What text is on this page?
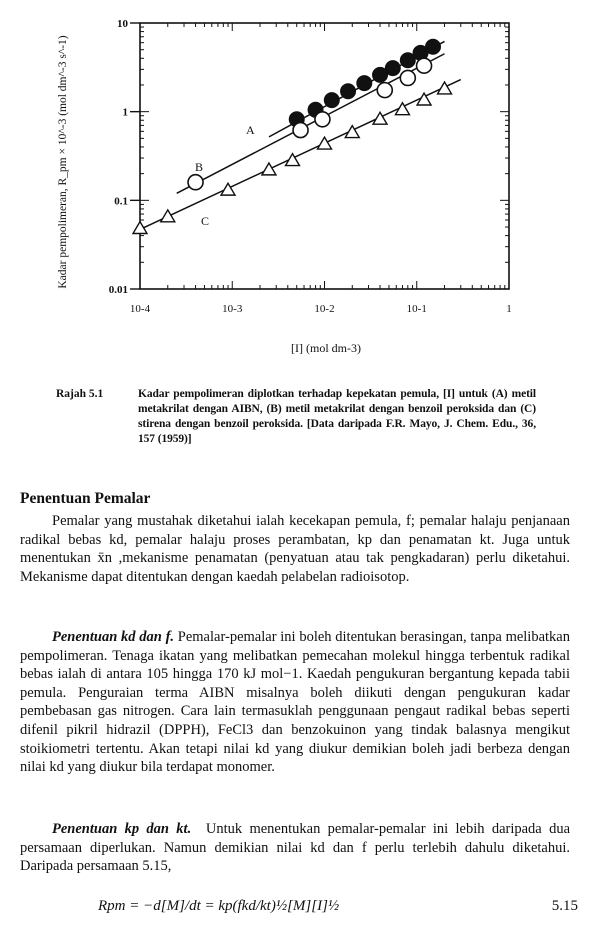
10-4	10-3	10-2	10-1	1
0.01
0.1
1
10
A
B
C
[I] (mol dm-3)
Kadar pempolimeran, R_pm × 10^-3 (mol dm^-3 s^-1)
Rajah 5.1	Kadar pempolimeran diplotkan terhadap kepekatan pemula, [I] untuk (A) metil metakrilat dengan AIBN, (B) metil metakrilat dengan benzoil peroksida dan (C) stirena dengan benzoil peroksida. [Data daripada F.R. Mayo, J. Chem. Edu., 36, 157 (1959)]
Penentuan Pemalar
Pemalar yang mustahak diketahui ialah kecekapan pemula, f; pemalar halaju penjanaan radikal bebas kd, pemalar halaju proses perambatan, kp dan penamatan kt. Juga untuk menentukan x̄n ,mekanisme penamatan (penyatuan atau tak pengkadaran) perlu diketahui. Mekanisme dapat ditentukan dengan kaedah pelabelan radioisotop.
Penentuan kd dan f. Pemalar-pemalar ini boleh ditentukan berasingan, tanpa melibatkan pempolimeran. Tenaga ikatan yang melibatkan pemecahan molekul hingga terbentuk radikal bebas ialah di antara 105 hingga 170 kJ mol−1. Kaedah pengukuran bergantung kepada tabii pemula. Penguraian terma AIBN misalnya boleh diikuti dengan pengukuran kadar pembebasan gas nitrogen. Cara lain termasuklah penggunaan pengaut radikal bebas seperti difenil pikril hidrazil (DPPH), FeCl3 dan benzokuinon yang tindak balasnya mengikut stoikiometri tertentu. Akan tetapi nilai kd yang diukur demikian boleh jadi berbeza dengan nilai kd yang diukur bila terdapat monomer.
Penentuan kp dan kt. Untuk menentukan pemalar-pemalar ini lebih daripada dua persamaan diperlukan. Namun demikian nilai kd dan f perlu terlebih dahulu diketahui. Daripada persamaan 5.15,
Rpm = −d[M]/dt = kp(fkd/kt)½[M][I]½	5.15
